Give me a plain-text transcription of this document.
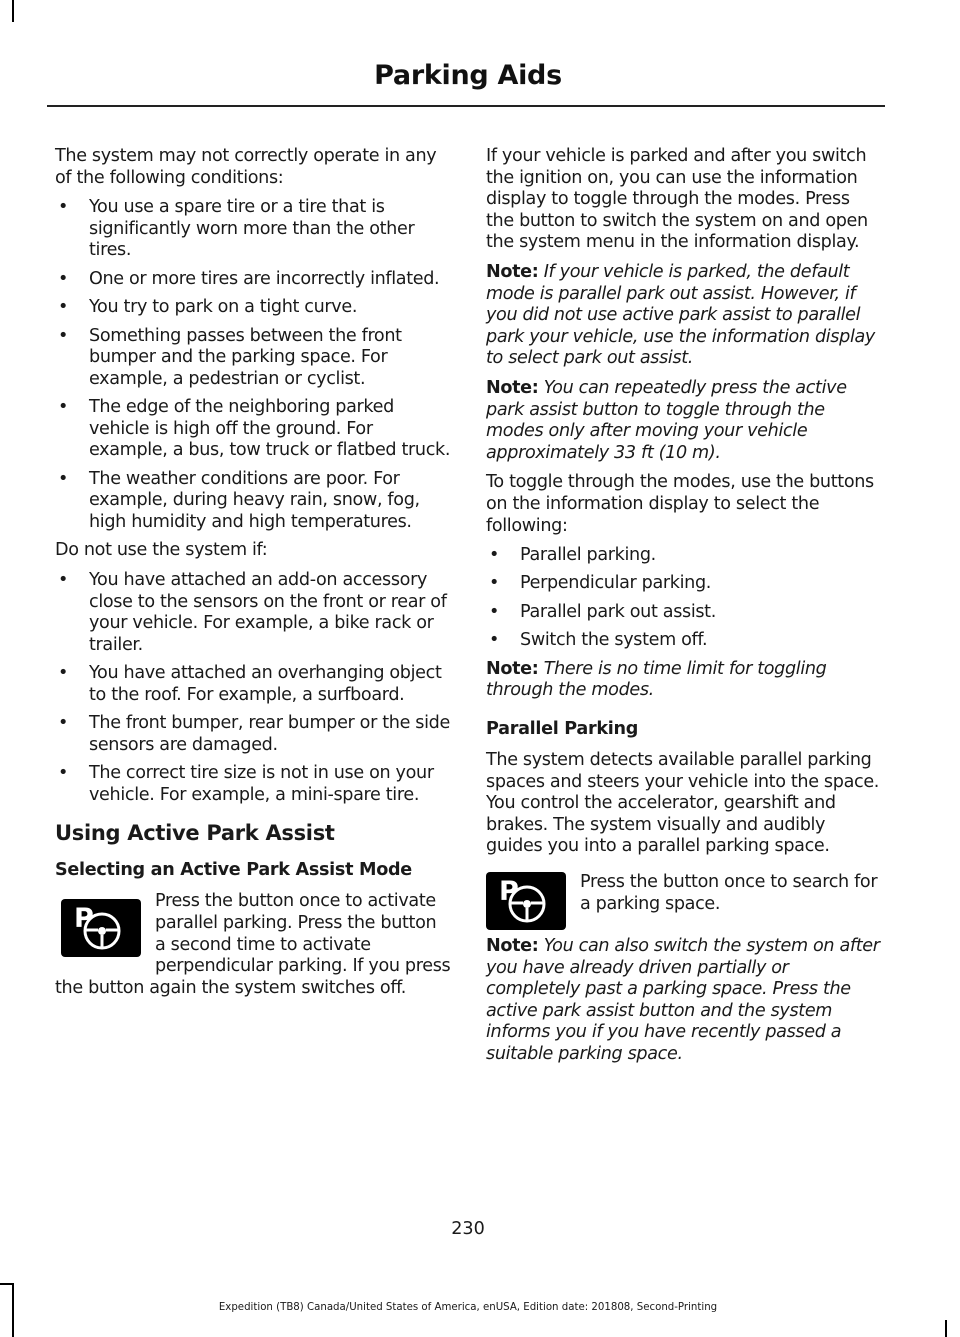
Parking Aids

The system may not correctly operate in any of the following conditions:

• You use a spare tire or a tire that is significantly worn more than the other tires.
• One or more tires are incorrectly inflated.
• You try to park on a tight curve.
• Something passes between the front bumper and the parking space. For example, a pedestrian or cyclist.
• The edge of the neighboring parked vehicle is high off the ground. For example, a bus, tow truck or flatbed truck.
• The weather conditions are poor. For example, during heavy rain, snow, fog, high humidity and high temperatures.

Do not use the system if:

• You have attached an add-on accessory close to the sensors on the front or rear of your vehicle. For example, a bike rack or trailer.
• You have attached an overhanging object to the roof. For example, a surfboard.
• The front bumper, rear bumper or the side sensors are damaged.
• The correct tire size is not in use on your vehicle. For example, a mini-spare tire.
Using Active Park Assist
Selecting an Active Park Assist Mode
P

Press the button once to activate parallel parking. Press the button a second time to activate perpendicular parking. If you press the button again the system switches off.

If your vehicle is parked and after you switch the ignition on, you can use the information display to toggle through the modes. Press the button to switch the system on and open the system menu in the information display.

Note: If your vehicle is parked, the default mode is parallel park out assist. However, if you did not use active park assist to parallel park your vehicle, use the information display to select park out assist.

Note: You can repeatedly press the active park assist button to toggle through the modes only after moving your vehicle approximately 33 ft (10 m).

To toggle through the modes, use the buttons on the information display to select the following:

• Parallel parking.
• Perpendicular parking.
• Parallel park out assist.
• Switch the system off.

Note: There is no time limit for toggling through the modes.

Parallel Parking

The system detects available parallel parking spaces and steers your vehicle into the space. You control the accelerator, gearshift and brakes. The system visually and audibly guides you into a parallel parking space.

P	Press the button once to search for a parking space.

Note: You can also switch the system on after you have already driven partially or completely past a parking space. Press the active park assist button and the system informs you if you have recently passed a suitable parking space.

230
Expedition (TB8) Canada/United States of America, enUSA, Edition date: 201808, Second-Printing
